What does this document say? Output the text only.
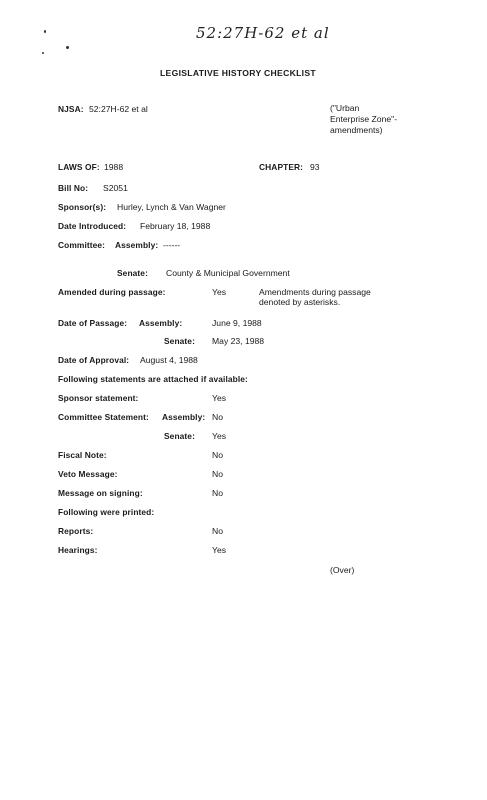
52:27H-62 et al
LEGISLATIVE HISTORY CHECKLIST
NJSA: 52:27H-62 et al	("Urban
Enterprise Zone"-
amendments)
LAWS OF: 1988	CHAPTER: 93
Bill No: S2051
Sponsor(s): Hurley, Lynch & Van Wagner
Date Introduced: February 18, 1988
Committee: Assembly: ------
Senate: County & Municipal Government
Amended during passage:	Yes	Amendments during passage
denoted by asterisks.
Date of Passage: Assembly:	June 9, 1988
Senate: May 23, 1988
Date of Approval: August 4, 1988
Following statements are attached if available:
Sponsor statement:	Yes
Committee Statement: Assembly: No
Senate: Yes
Fiscal Note:	No
Veto Message:	No
Message on signing:	No
Following were printed:
Reports:	No
Hearings:	Yes
(Over)
